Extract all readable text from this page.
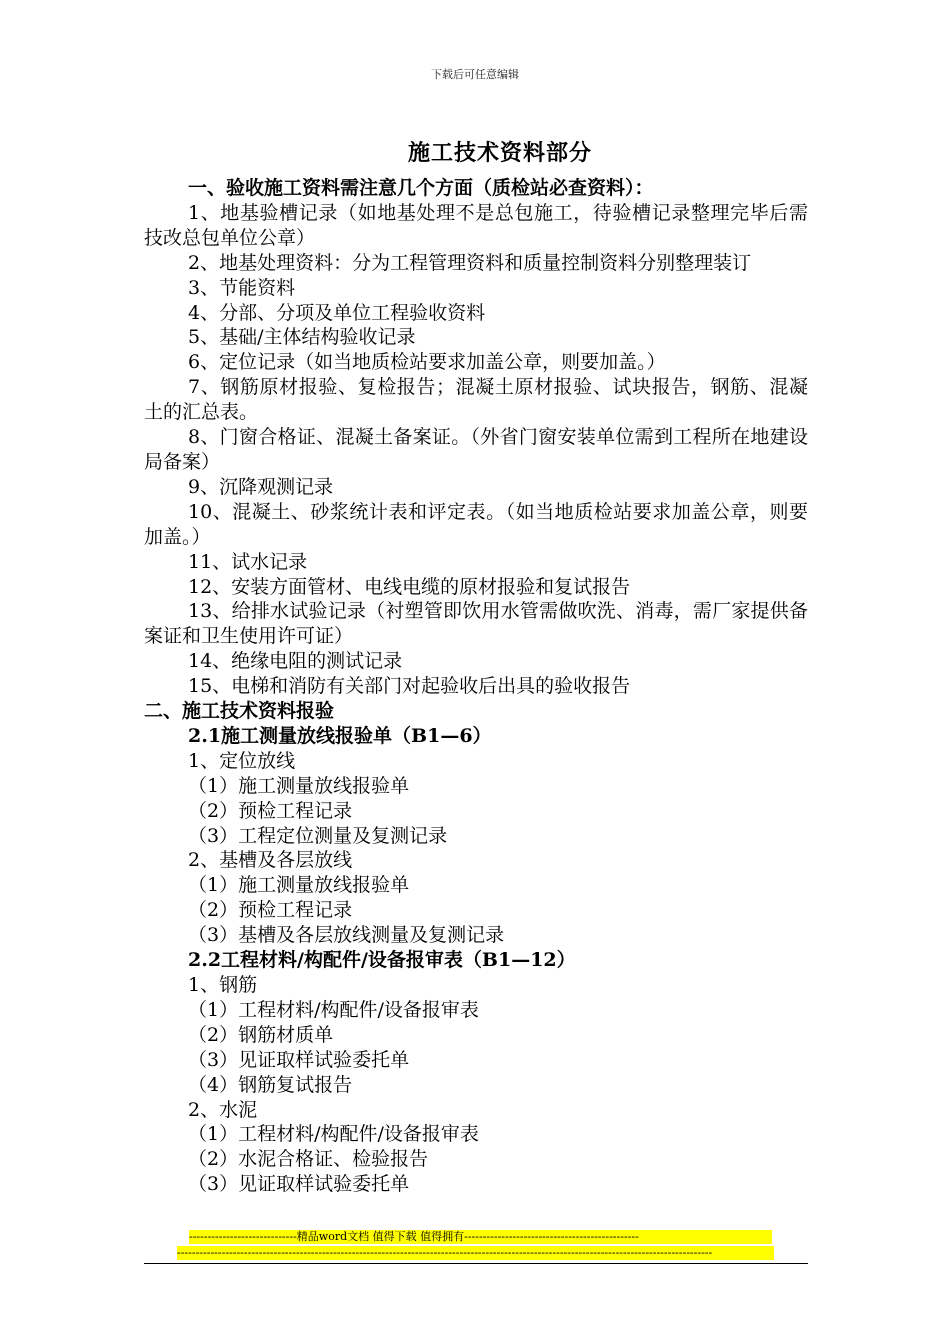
下载后可任意编辑
施工技术资料部分
一、验收施工资料需注意几个方面（质检站必查资料）：
1、地基验槽记录（如地基处理不是总包施工，待验槽记录整理完毕后需技改总包单位公章）
2、地基处理资料：分为工程管理资料和质量控制资料分别整理装订
3、节能资料
4、分部、分项及单位工程验收资料
5、基础/主体结构验收记录
6、定位记录（如当地质检站要求加盖公章，则要加盖。）
7、钢筋原材报验、复检报告；混凝土原材报验、试块报告，钢筋、混凝土的汇总表。
8、门窗合格证、混凝土备案证。（外省门窗安装单位需到工程所在地建设局备案）
9、沉降观测记录
10、混凝土、砂浆统计表和评定表。（如当地质检站要求加盖公章，则要加盖。）
11、试水记录
12、安装方面管材、电线电缆的原材报验和复试报告
13、给排水试验记录（衬塑管即饮用水管需做吹洗、消毒，需厂家提供备案证和卫生使用许可证）
14、绝缘电阻的测试记录
15、电梯和消防有关部门对起验收后出具的验收报告
二、施工技术资料报验
2.1施工测量放线报验单（B1—6）
1、定位放线
（1）施工测量放线报验单
（2）预检工程记录
（3）工程定位测量及复测记录
2、基槽及各层放线
（1）施工测量放线报验单
（2）预检工程记录
（3）基槽及各层放线测量及复测记录
2.2工程材料/构配件/设备报审表（B1—12）
1、钢筋
（1）工程材料/构配件/设备报审表
（2）钢筋材质单
（3）见证取样试验委托单
（4）钢筋复试报告
2、水泥
（1）工程材料/构配件/设备报审表
（2）水泥合格证、检验报告
（3）见证取样试验委托单
-----------------------------精品word文档 值得下载 值得拥有-----------------------------------------------
------------------------------------------------------------------------------------------------------------------------------------------------
